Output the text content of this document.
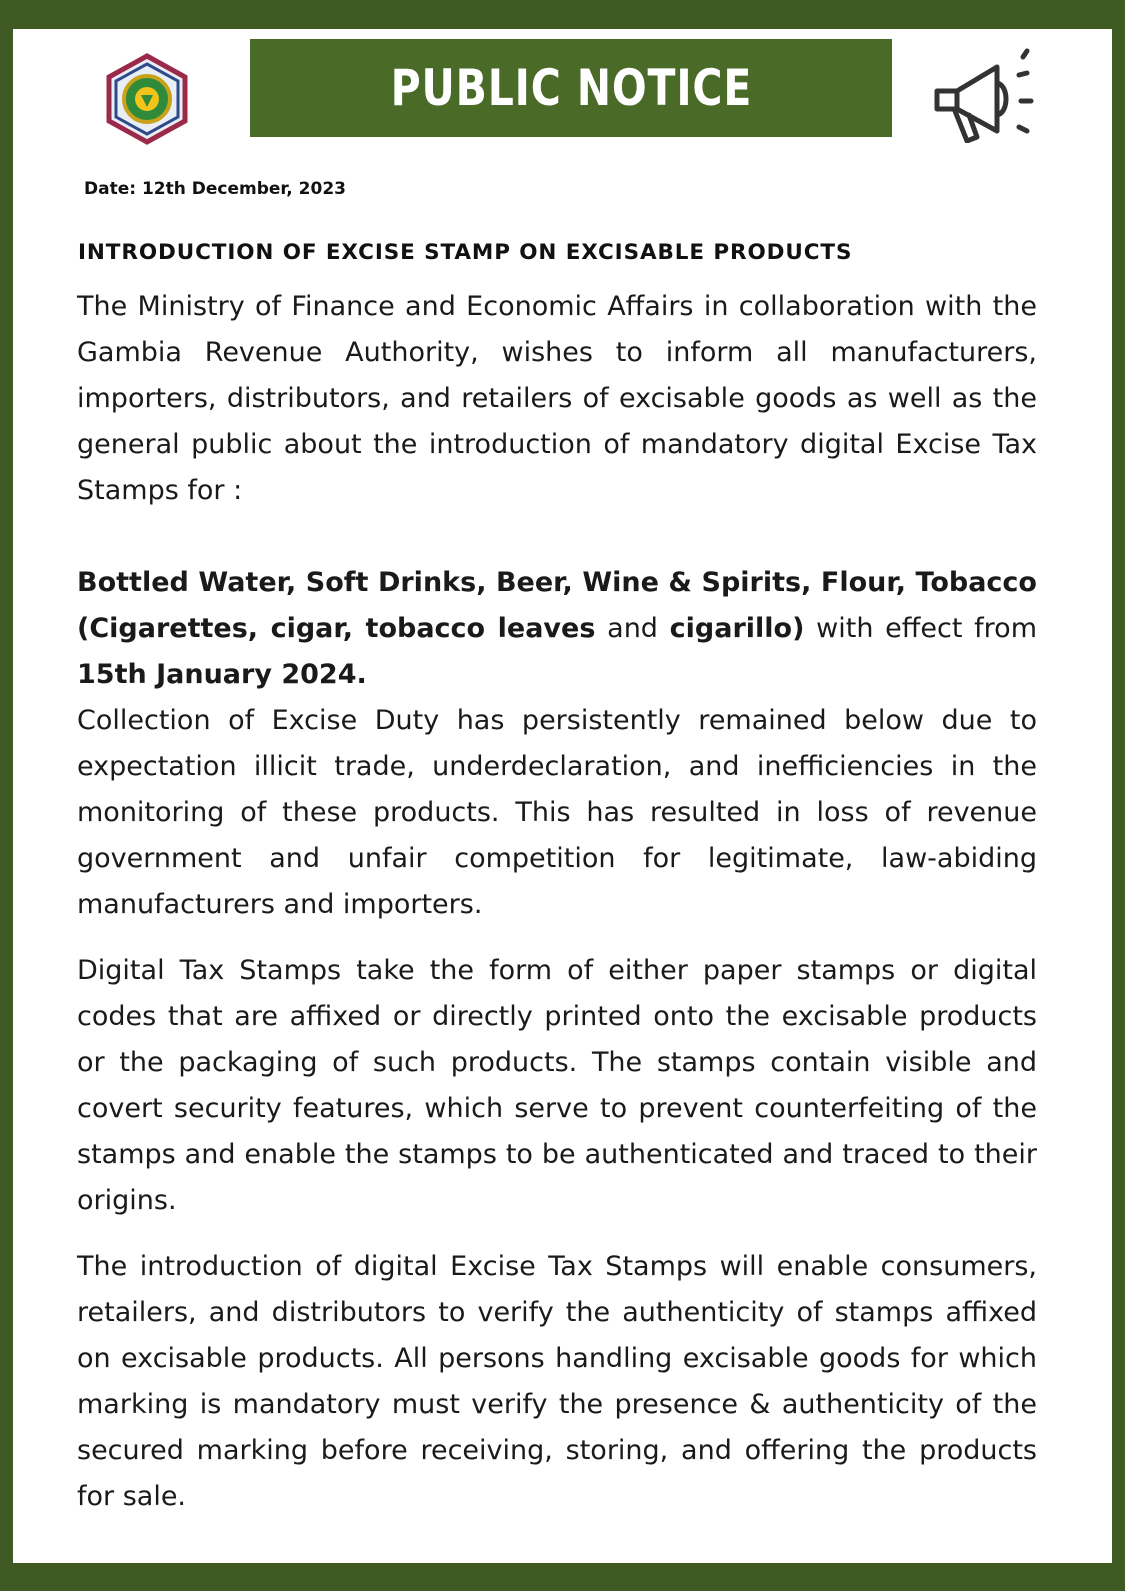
PUBLIC NOTICE
Date: 12th December, 2023
INTRODUCTION OF EXCISE STAMP ON EXCISABLE PRODUCTS

The Ministry of Finance and Economic Affairs in collaboration with the Gambia Revenue Authority, wishes to inform all manufacturers, importers, distributors, and retailers of excisable goods as well as the general public about the introduction of mandatory digital Excise Tax Stamps for :

Bottled Water, Soft Drinks, Beer, Wine & Spirits, Flour, Tobacco (Cigarettes, cigar, tobacco leaves and cigarillo) with effect from 15th January 2024.

Collection of Excise Duty has persistently remained below due to expectation illicit trade, underdeclaration, and inefficiencies in the monitoring of these products. This has resulted in loss of revenue government and unfair competition for legitimate, law-abiding manufacturers and importers.

Digital Tax Stamps take the form of either paper stamps or digital codes that are affixed or directly printed onto the excisable products or the packaging of such products. The stamps contain visible and covert security features, which serve to prevent counterfeiting of the stamps and enable the stamps to be authenticated and traced to their origins.

The introduction of digital Excise Tax Stamps will enable consumers, retailers, and distributors to verify the authenticity of stamps affixed on excisable products. All persons handling excisable goods for which marking is mandatory must verify the presence & authenticity of the secured marking before receiving, storing, and offering the products for sale.
